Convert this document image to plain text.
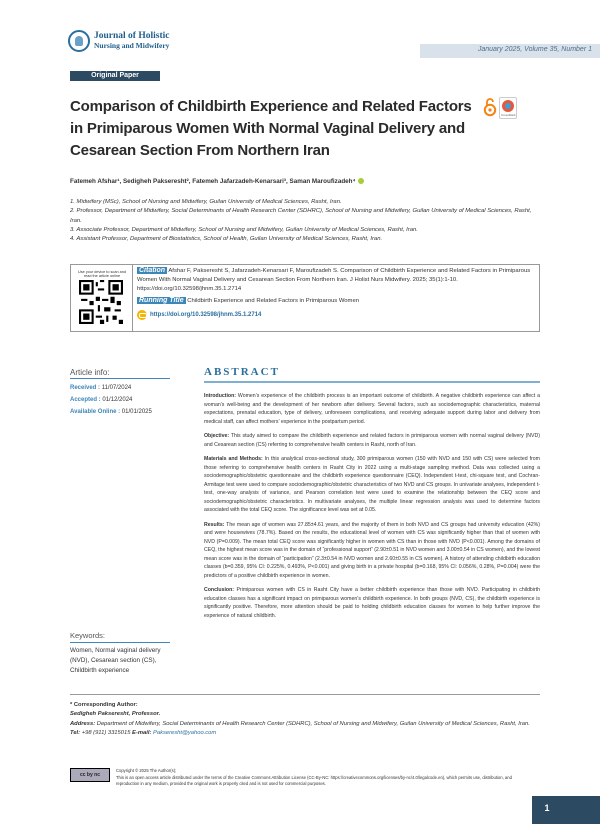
Journal of Holistic
Nursing and Midwifery	January 2025, Volume 35, Number 1
Original Paper
Comparison of Childbirth Experience and Related Factors in Primiparous Women With Normal Vaginal Delivery and Cesarean Section From Northern Iran
CrossMark
Fatemeh Afshar¹, Sedigheh Pakseresht², Fatemeh Jafarzadeh-Kenarsari³, Saman Maroufizadeh⁴
1. Midwifery (MSc), School of Nursing and Midwifery, Guilan University of Medical Sciences, Rasht, Iran.
2. Professor, Department of Midwifery, Social Determinants of Health Research Center (SDHRC), School of Nursing and Midwifery, Guilan University of Medical Sciences, Rasht, Iran.
3. Associate Professor, Department of Midwifery, School of Nursing and Midwifery, Guilan University of Medical Sciences, Rasht, Iran.
4. Assistant Professor, Department of Biostatistics, School of Health, Guilan University of Medical Sciences, Rasht, Iran.
Use your device to scan and read the article online
Citation Afshar F, Pakseresht S, Jafarzadeh-Kenarsari F, Maroufizadeh S. Comparison of Childbirth Experience and Related Factors in Primiparous Women With Normal Vaginal Delivery and Cesarean Section From Northern Iran. J Holist Nurs Midwifery. 2025; 35(1):1-10. https://doi.org/10.32598/jhnm.35.1.2714
Running Title Childbirth Experience and Related Factors in Primiparous Women
https://doi.org/10.32598/jhnm.35.1.2714
Article info:
Received : 11/07/2024
Accepted : 01/12/2024
Available Online : 01/01/2025
Keywords:
Women, Normal vaginal delivery (NVD), Cesarean section (CS), Childbirth experience
ABSTRACT

Introduction: Women’s experience of the childbirth process is an important outcome of childbirth. A negative childbirth experience can affect a woman’s well-being and the development of her newborn after delivery. Several factors, such as sociodemographic characteristics, maternal expectations, prenatal education, type of delivery, unforeseen complications, and receiving adequate support during labor and delivery from medical staff, can affect mothers’ experience in the postpartum period.

Objective: This study aimed to compare the childbirth experience and related factors in primiparous women with normal vaginal delivery (NVD) and Cesarean section (CS) referring to comprehensive health centers in Rasht, north of Iran.

Materials and Methods: In this analytical cross-sectional study, 300 primiparous women (150 with NVD and 150 with CS) were selected from those referring to comprehensive health centers in Rasht City in 2022 using a multi-stage sampling method. Data was collected using a sociodemographic/obstetric questionnaire and the childbirth experience questionnaire (CEQ). Independent t-test, chi-square test, and Cochran-Armitage test were used to compare sociodemographic/obstetric characteristics of two NVD and CS groups. In univariate analyses, independent t-test, one-way analysis of variance, and Pearson correlation test were used to examine the relationship between the CEQ score and sociodemographic/obstetric characteristics. In multivariate analyses, the multiple linear regression analysis was used to determine factors associated with the total CEQ score. The significance level was set at 0.05.

Results: The mean age of women was 27.85±4.61 years, and the majority of them in both NVD and CS groups had university education (42%) and were housewives (78.7%). Based on the results, the educational level of women with CS was significantly higher than that of women with NVD (P=0.009). The mean total CEQ score was significantly higher in women with CS than in those with NVD (P<0.001). Among the domains of CEQ, the highest mean score was in the domain of “professional support” (2.90±0.51 in NVD women and 3.00±0.54 in CS women), and the lowest mean score was in the domain of “participation” (2.3±0.54 in NVD women and 2.60±0.55 in CS women). A history of attending childbirth education classes (b=0.359, 95% CI: 0.225%, 0.493%, P<0.001) and giving birth in a private hospital (b=0.168, 95% CI: 0.056%, 0.28%, P=0.004) were the predictors of a positive childbirth experience in women.

Conclusion: Primiparous women with CS in Rasht City have a better childbirth experience than those with NVD. Participating in childbirth education classes has a significant impact on primiparous women’s childbirth experience. In both groups (NVD, CS), the childbirth experience is significantly positive. Therefore, more attention should be paid to holding childbirth education classes for women to help further improve the experience of natural childbirth.

* Corresponding Author:
Sedigheh Pakseresht, Professor.
Address: Department of Midwifery, Social Determinants of Health Research Center (SDHRC), School of Nursing and Midwifery, Guilan University of Medical Sciences, Rasht, Iran.
Tel: +98 (911) 3315015 E-mail: Pakseresht@yahoo.com
cc by nc
Copyright © 2025 The Author(s);
This is an open access article distributed under the terms of the Creative Commons Attribution License (CC-By-NC: https://creativecommons.org/licenses/by-nc/4.0/legalcode.en), which permits use, distribution, and reproduction in any medium, provided the original work is properly cited and is not used for commercial purposes.
1
